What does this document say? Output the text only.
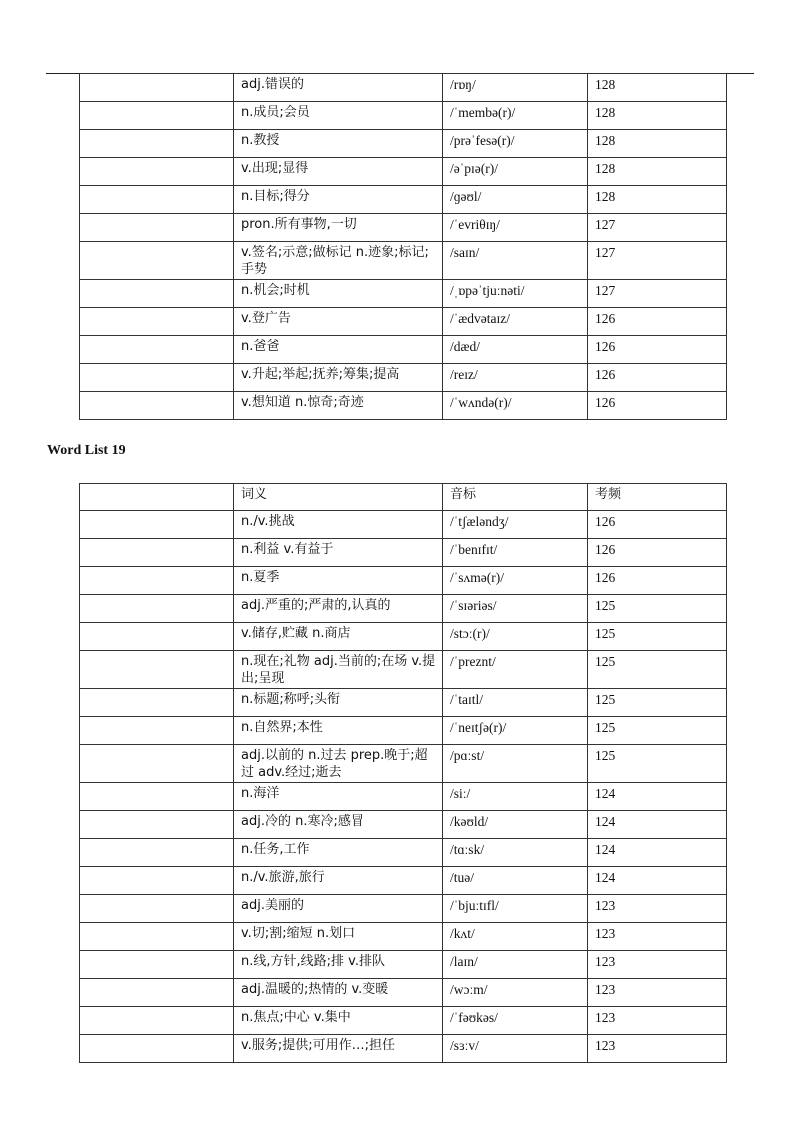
	adj.错误的	/rɒŋ/	128
	n.成员;会员	/ˈmembə(r)/	128
	n.教授	/prəˈfesə(r)/	128
	v.出现;显得	/əˈpɪə(r)/	128
	n.目标;得分	/ɡəʊl/	128
	pron.所有事物,一切	/ˈevriθɪŋ/	127
	v.签名;示意;做标记 n.迹象;标记;手势	/saɪn/	127
	n.机会;时机	/ˌɒpəˈtjuːnəti/	127
	v.登广告	/ˈædvətaɪz/	126
	n.爸爸	/dæd/	126
	v.升起;举起;抚养;筹集;提高	/reɪz/	126
	v.想知道 n.惊奇;奇迹	/ˈwʌndə(r)/	126
Word List 19
	词义	音标	考频
	n./v.挑战	/ˈtʃæləndʒ/	126
	n.利益 v.有益于	/ˈbenɪfɪt/	126
	n.夏季	/ˈsʌmə(r)/	126
	adj.严重的;严肃的,认真的	/ˈsɪəriəs/	125
	v.储存,贮藏 n.商店	/stɔː(r)/	125
	n.现在;礼物 adj.当前的;在场 v.提出;呈现	/ˈpreznt/	125
	n.标题;称呼;头衔	/ˈtaɪtl/	125
	n.自然界;本性	/ˈneɪtʃə(r)/	125
	adj.以前的 n.过去 prep.晚于;超过 adv.经过;逝去	/pɑːst/	125
	n.海洋	/siː/	124
	adj.冷的 n.寒冷;感冒	/kəʊld/	124
	n.任务,工作	/tɑːsk/	124
	n./v.旅游,旅行	/tuə/	124
	adj.美丽的	/ˈbjuːtɪfl/	123
	v.切;割;缩短 n.划口	/kʌt/	123
	n.线,方针,线路;排 v.排队	/laɪn/	123
	adj.温暖的;热情的 v.变暖	/wɔːm/	123
	n.焦点;中心 v.集中	/ˈfəʊkəs/	123
	v.服务;提供;可用作…;担任	/sɜːv/	123
